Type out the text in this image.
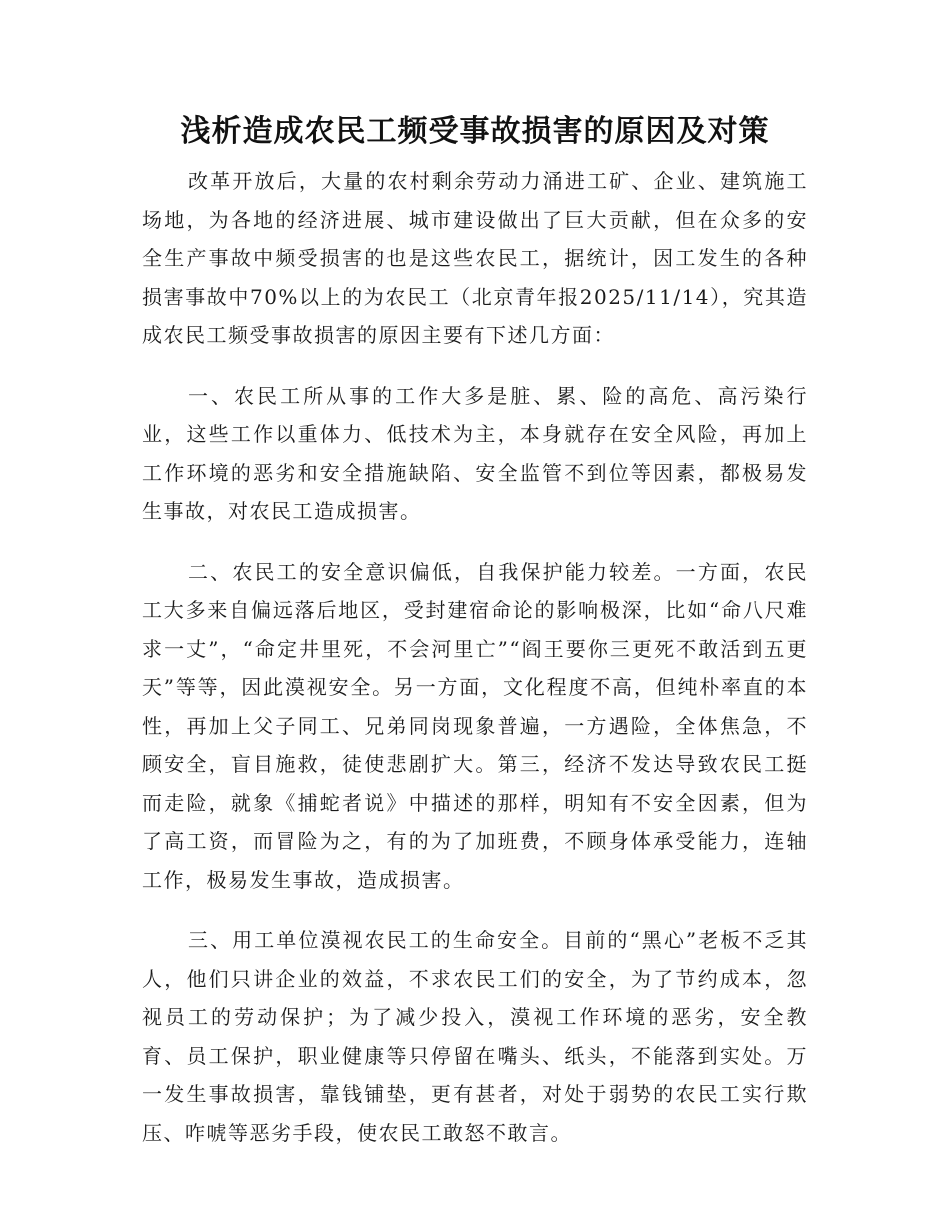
浅析造成农民工频受事故损害的原因及对策

改革开放后，大量的农村剩余劳动力涌进工矿、企业、建筑施工场地，为各地的经济进展、城市建设做出了巨大贡献，但在众多的安全生产事故中频受损害的也是这些农民工，据统计，因工发生的各种损害事故中70%以上的为农民工（北京青年报2025/11/14），究其造成农民工频受事故损害的原因主要有下述几方面：

一、农民工所从事的工作大多是脏、累、险的高危、高污染行业，这些工作以重体力、低技术为主，本身就存在安全风险，再加上工作环境的恶劣和安全措施缺陷、安全监管不到位等因素，都极易发生事故，对农民工造成损害。

二、农民工的安全意识偏低，自我保护能力较差。一方面，农民工大多来自偏远落后地区，受封建宿命论的影响极深，比如“命八尺难求一丈”，“命定井里死，不会河里亡”“阎王要你三更死不敢活到五更天”等等，因此漠视安全。另一方面，文化程度不高，但纯朴率直的本性，再加上父子同工、兄弟同岗现象普遍，一方遇险，全体焦急，不顾安全，盲目施救，徒使悲剧扩大。第三，经济不发达导致农民工挺而走险，就象《捕蛇者说》中描述的那样，明知有不安全因素，但为了高工资，而冒险为之，有的为了加班费，不顾身体承受能力，连轴工作，极易发生事故，造成损害。

三、用工单位漠视农民工的生命安全。目前的“黑心”老板不乏其人，他们只讲企业的效益，不求农民工们的安全，为了节约成本，忽视员工的劳动保护；为了减少投入，漠视工作环境的恶劣，安全教育、员工保护，职业健康等只停留在嘴头、纸头，不能落到实处。万一发生事故损害，靠钱铺垫，更有甚者，对处于弱势的农民工实行欺压、咋唬等恶劣手段，使农民工敢怒不敢言。
